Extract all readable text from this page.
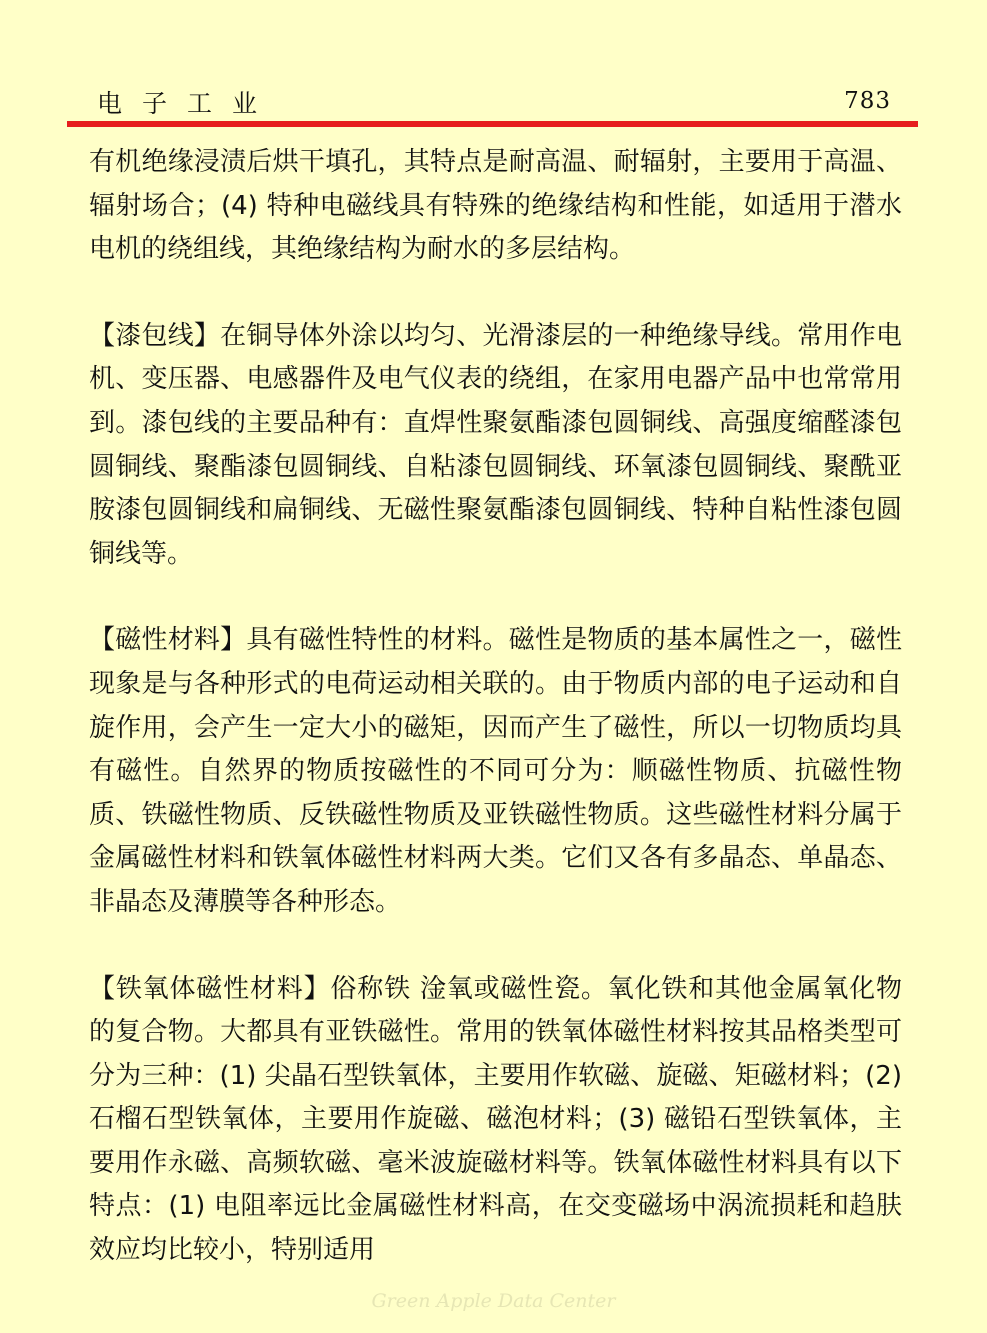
电子工业	783

有机绝缘浸渍后烘干填孔，其特点是耐高温、耐辐射，主要用于高温、辐射场合；(4) 特种电磁线具有特殊的绝缘结构和性能，如适用于潜水电机的绕组线，其绝缘结构为耐水的多层结构。

【漆包线】在铜导体外涂以均匀、光滑漆层的一种绝缘导线。常用作电机、变压器、电感器件及电气仪表的绕组，在家用电器产品中也常常用到。漆包线的主要品种有：直焊性聚氨酯漆包圆铜线、高强度缩醛漆包圆铜线、聚酯漆包圆铜线、自粘漆包圆铜线、环氧漆包圆铜线、聚酰亚胺漆包圆铜线和扁铜线、无磁性聚氨酯漆包圆铜线、特种自粘性漆包圆铜线等。

【磁性材料】具有磁性特性的材料。磁性是物质的基本属性之一，磁性现象是与各种形式的电荷运动相关联的。由于物质内部的电子运动和自旋作用，会产生一定大小的磁矩，因而产生了磁性，所以一切物质均具有磁性。自然界的物质按磁性的不同可分为：顺磁性物质、抗磁性物质、铁磁性物质、反铁磁性物质及亚铁磁性物质。这些磁性材料分属于金属磁性材料和铁氧体磁性材料两大类。它们又各有多晶态、单晶态、非晶态及薄膜等各种形态。

【铁氧体磁性材料】俗称铁 淦氧或磁性瓷。氧化铁和其他金属氧化物的复合物。大都具有亚铁磁性。常用的铁氧体磁性材料按其品格类型可分为三种：(1) 尖晶石型铁氧体，主要用作软磁、旋磁、矩磁材料；(2) 石榴石型铁氧体，主要用作旋磁、磁泡材料；(3) 磁铅石型铁氧体，主要用作永磁、高频软磁、毫米波旋磁材料等。铁氧体磁性材料具有以下特点：(1) 电阻率远比金属磁性材料高，在交变磁场中涡流损耗和趋肤效应均比较小，特别适用

Green Apple Data Center
